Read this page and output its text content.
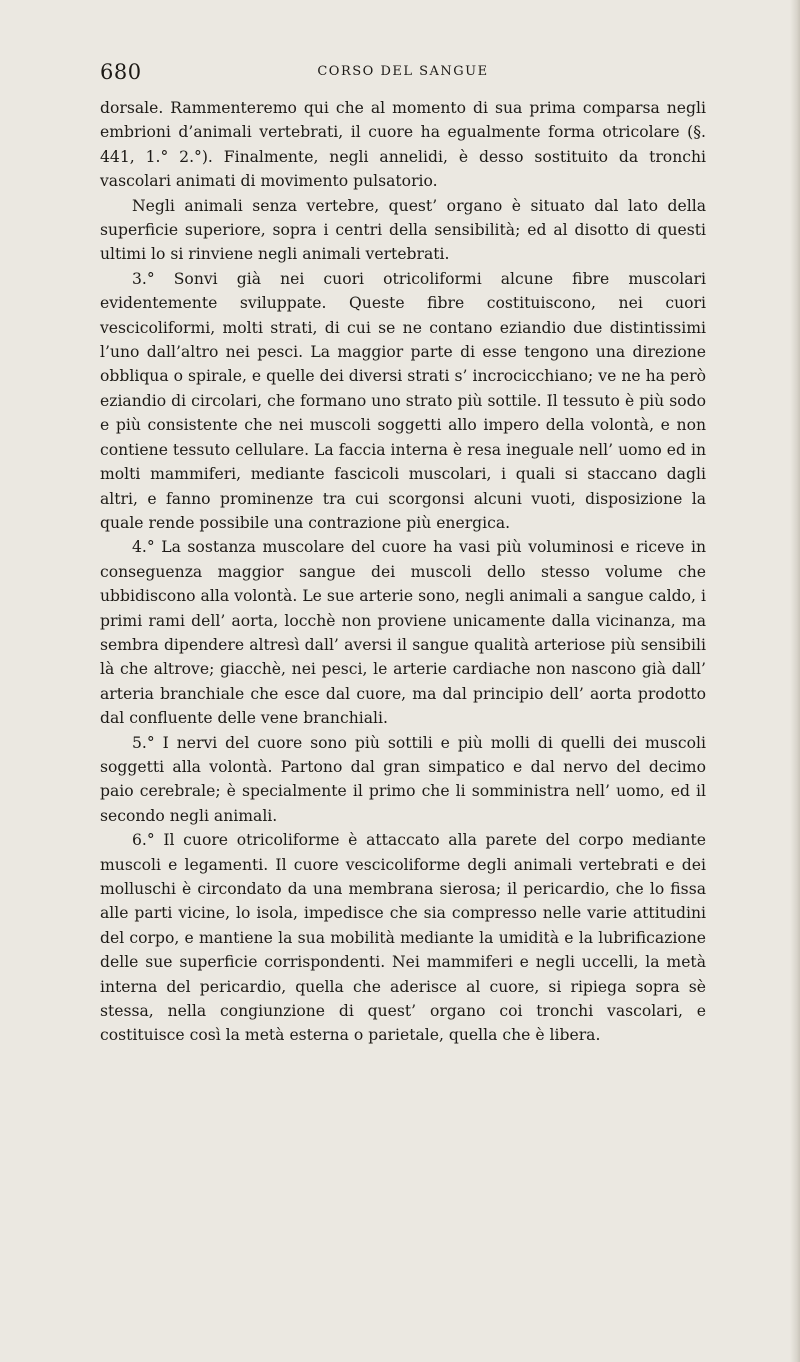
680	CORSO DEL SANGUE

dorsale. Rammenteremo qui che al momento di sua prima comparsa negli embrioni d’animali vertebrati, il cuore ha egualmente forma otricolare (§. 441, 1.° 2.°). Finalmente, negli annelidi, è desso sostituito da tronchi vascolari animati di movimento pulsatorio.

Negli animali senza vertebre, quest’ organo è situato dal lato della superficie superiore, sopra i centri della sensibilità; ed al disotto di questi ultimi lo si rinviene negli animali vertebrati.

3.° Sonvi già nei cuori otricoliformi alcune fibre muscolari evidentemente sviluppate. Queste fibre costituiscono, nei cuori vescicoliformi, molti strati, di cui se ne contano eziandio due distintissimi l’uno dall’altro nei pesci. La maggior parte di esse tengono una direzione obbliqua o spirale, e quelle dei diversi strati s’ incrocicchiano; ve ne ha però eziandio di circolari, che formano uno strato più sottile. Il tessuto è più sodo e più consistente che nei muscoli soggetti allo impero della volontà, e non contiene tessuto cellulare. La faccia interna è resa ineguale nell’ uomo ed in molti mammiferi, mediante fascicoli muscolari, i quali si staccano dagli altri, e fanno prominenze tra cui scorgonsi alcuni vuoti, disposizione la quale rende possibile una contrazione più energica.

4.° La sostanza muscolare del cuore ha vasi più voluminosi e riceve in conseguenza maggior sangue dei muscoli dello stesso volume che ubbidiscono alla volontà. Le sue arterie sono, negli animali a sangue caldo, i primi rami dell’ aorta, locchè non proviene unicamente dalla vicinanza, ma sembra dipendere altresì dall’ aversi il sangue qualità arteriose più sensibili là che altrove; giacchè, nei pesci, le arterie cardiache non nascono già dall’ arteria branchiale che esce dal cuore, ma dal principio dell’ aorta prodotto dal confluente delle vene branchiali.

5.° I nervi del cuore sono più sottili e più molli di quelli dei muscoli soggetti alla volontà. Partono dal gran simpatico e dal nervo del decimo paio cerebrale; è specialmente il primo che li somministra nell’ uomo, ed il secondo negli animali.

6.° Il cuore otricoliforme è attaccato alla parete del corpo mediante muscoli e legamenti. Il cuore vescicoliforme degli animali vertebrati e dei molluschi è circondato da una membrana sierosa; il pericardio, che lo fissa alle parti vicine, lo isola, impedisce che sia compresso nelle varie attitudini del corpo, e mantiene la sua mobilità mediante la umidità e la lubrificazione delle sue superficie corrispondenti. Nei mammiferi e negli uccelli, la metà interna del pericardio, quella che aderisce al cuore, si ripiega sopra sè stessa, nella congiunzione di quest’ organo coi tronchi vascolari, e costituisce così la metà esterna o parietale, quella che è libera.
